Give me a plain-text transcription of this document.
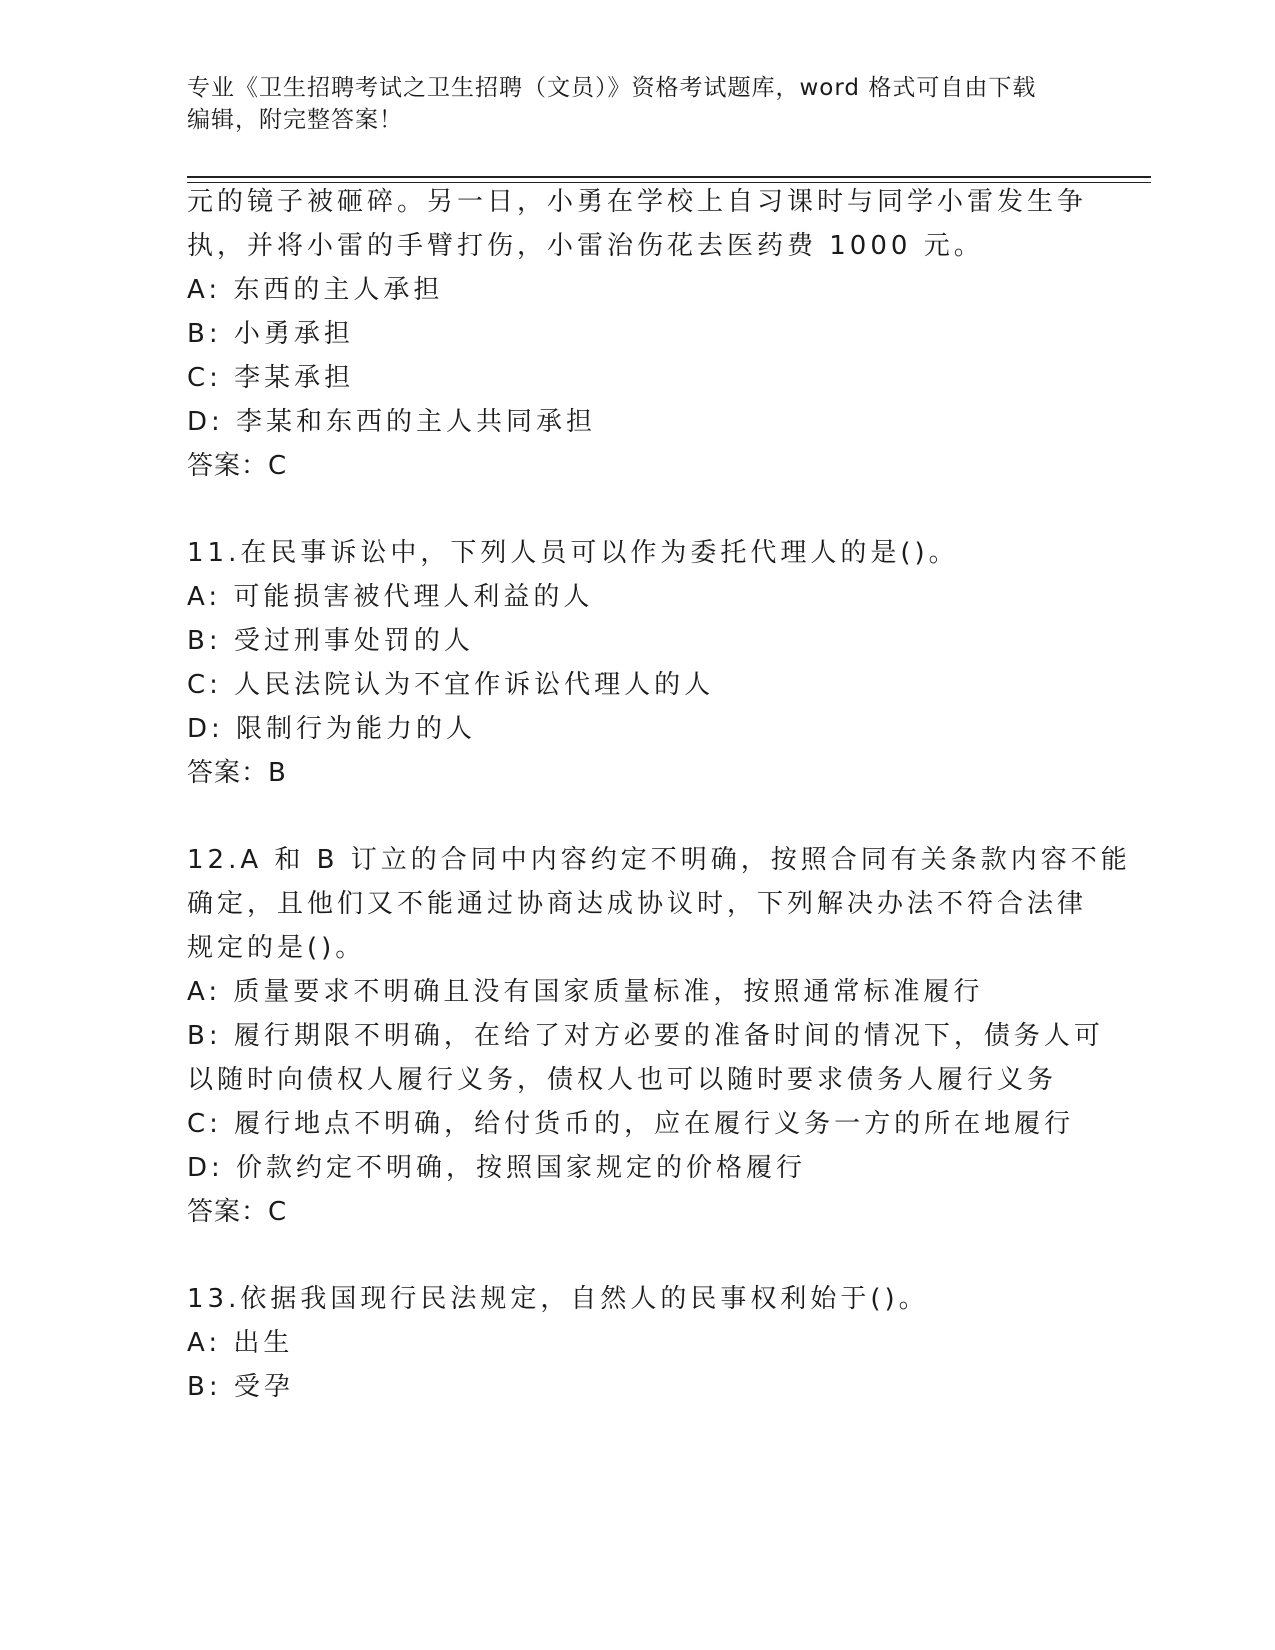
专业《卫生招聘考试之卫生招聘（文员）》资格考试题库，word 格式可自由下载
编辑，附完整答案！
元的镜子被砸碎。另一日，小勇在学校上自习课时与同学小雷发生争
执，并将小雷的手臂打伤，小雷治伤花去医药费 1000 元。
A: 东西的主人承担
B: 小勇承担
C: 李某承担
D: 李某和东西的主人共同承担
答案：C
11.在民事诉讼中，下列人员可以作为委托代理人的是()。
A: 可能损害被代理人利益的人
B: 受过刑事处罚的人
C: 人民法院认为不宜作诉讼代理人的人
D: 限制行为能力的人
答案：B
12.A 和 B 订立的合同中内容约定不明确，按照合同有关条款内容不能
确定，且他们又不能通过协商达成协议时，下列解决办法不符合法律
规定的是()。
A: 质量要求不明确且没有国家质量标准，按照通常标准履行
B: 履行期限不明确，在给了对方必要的准备时间的情况下，债务人可
以随时向债权人履行义务，债权人也可以随时要求债务人履行义务
C: 履行地点不明确，给付货币的，应在履行义务一方的所在地履行
D: 价款约定不明确，按照国家规定的价格履行
答案：C
13.依据我国现行民法规定，自然人的民事权利始于()。
A: 出生
B: 受孕
